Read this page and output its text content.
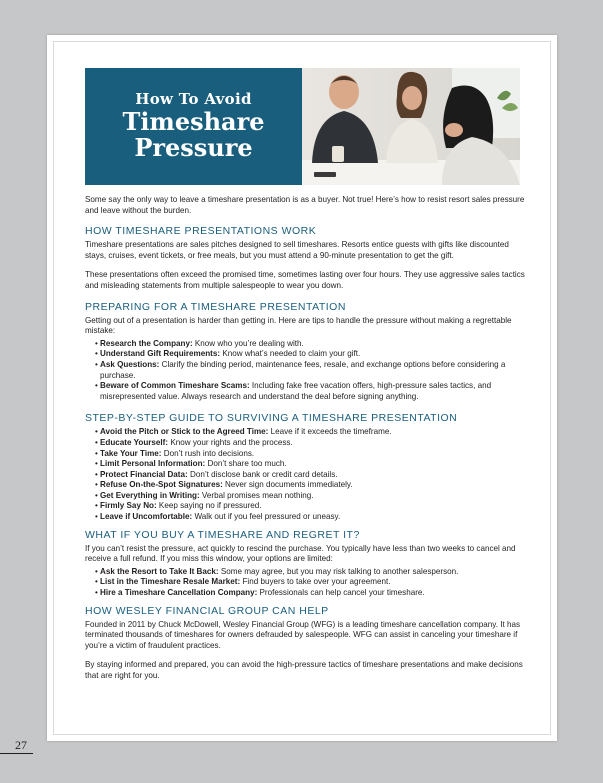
How To Avoid
Timeshare
Pressure

Some say the only way to leave a timeshare presentation is as a buyer. Not true! Here’s how to resist resort sales pressure and leave without the burden.

HOW TIMESHARE PRESENTATIONS WORK

Timeshare presentations are sales pitches designed to sell timeshares. Resorts entice guests with gifts like discounted stays, cruises, event tickets, or free meals, but you must attend a 90-minute presentation to get the gift.

These presentations often exceed the promised time, sometimes lasting over four hours. They use aggressive sales tactics and misleading statements from multiple salespeople to wear you down.

PREPARING FOR A TIMESHARE PRESENTATION

Getting out of a presentation is harder than getting in. Here are tips to handle the pressure without making a regrettable mistake:

• Research the Company: Know who you’re dealing with.
• Understand Gift Requirements: Know what’s needed to claim your gift.
• Ask Questions: Clarify the binding period, maintenance fees, resale, and exchange options before considering a purchase.
• Beware of Common Timeshare Scams: Including fake free vacation offers, high-pressure sales tactics, and misrepresented value. Always research and understand the deal before signing anything.
STEP-BY-STEP GUIDE TO SURVIVING A TIMESHARE PRESENTATION
• Avoid the Pitch or Stick to the Agreed Time: Leave if it exceeds the timeframe.
• Educate Yourself: Know your rights and the process.
• Take Your Time: Don’t rush into decisions.
• Limit Personal Information: Don’t share too much.
• Protect Financial Data: Don’t disclose bank or credit card details.
• Refuse On-the-Spot Signatures: Never sign documents immediately.
• Get Everything in Writing: Verbal promises mean nothing.
• Firmly Say No: Keep saying no if pressured.
• Leave if Uncomfortable: Walk out if you feel pressured or uneasy.
WHAT IF YOU BUY A TIMESHARE AND REGRET IT?

If you can’t resist the pressure, act quickly to rescind the purchase. You typically have less than two weeks to cancel and receive a full refund. If you miss this window, your options are limited:

• Ask the Resort to Take It Back: Some may agree, but you may risk talking to another salesperson.
• List in the Timeshare Resale Market: Find buyers to take over your agreement.
• Hire a Timeshare Cancellation Company: Professionals can help cancel your timeshare.
HOW WESLEY FINANCIAL GROUP CAN HELP

Founded in 2011 by Chuck McDowell, Wesley Financial Group (WFG) is a leading timeshare cancellation company. It has terminated thousands of timeshares for owners defrauded by salespeople. WFG can assist in canceling your timeshare if you’re a victim of fraudulent practices.

By staying informed and prepared, you can avoid the high-pressure tactics of timeshare presentations and make decisions that are right for you.

27
